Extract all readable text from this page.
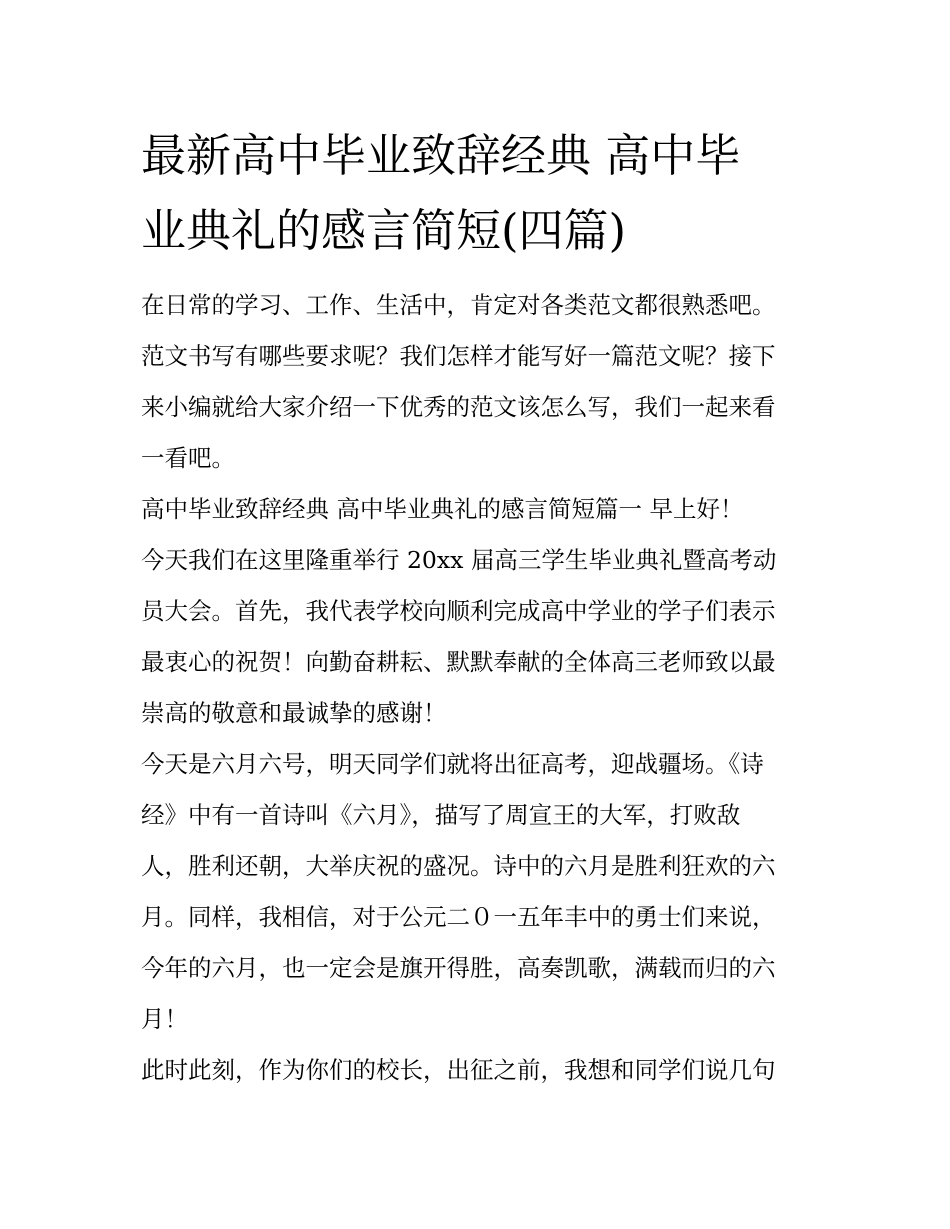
最新高中毕业致辞经典 高中毕
业典礼的感言简短(四篇)
在日常的学习、工作、生活中，肯定对各类范文都很熟悉吧。
范文书写有哪些要求呢？我们怎样才能写好一篇范文呢？接下
来小编就给大家介绍一下优秀的范文该怎么写，我们一起来看
一看吧。
高中毕业致辞经典 高中毕业典礼的感言简短篇一 早上好！
今天我们在这里隆重举行 20xx 届高三学生毕业典礼暨高考动
员大会。首先，我代表学校向顺利完成高中学业的学子们表示
最衷心的祝贺！向勤奋耕耘、默默奉献的全体高三老师致以最
崇高的敬意和最诚挚的感谢！
今天是六月六号，明天同学们就将出征高考，迎战疆场。《诗
经》中有一首诗叫《六月》，描写了周宣王的大军，打败敌
人，胜利还朝，大举庆祝的盛况。诗中的六月是胜利狂欢的六
月。同样，我相信，对于公元二０一五年丰中的勇士们来说，
今年的六月，也一定会是旗开得胜，高奏凯歌，满载而归的六
月！
此时此刻，作为你们的校长，出征之前，我想和同学们说几句
